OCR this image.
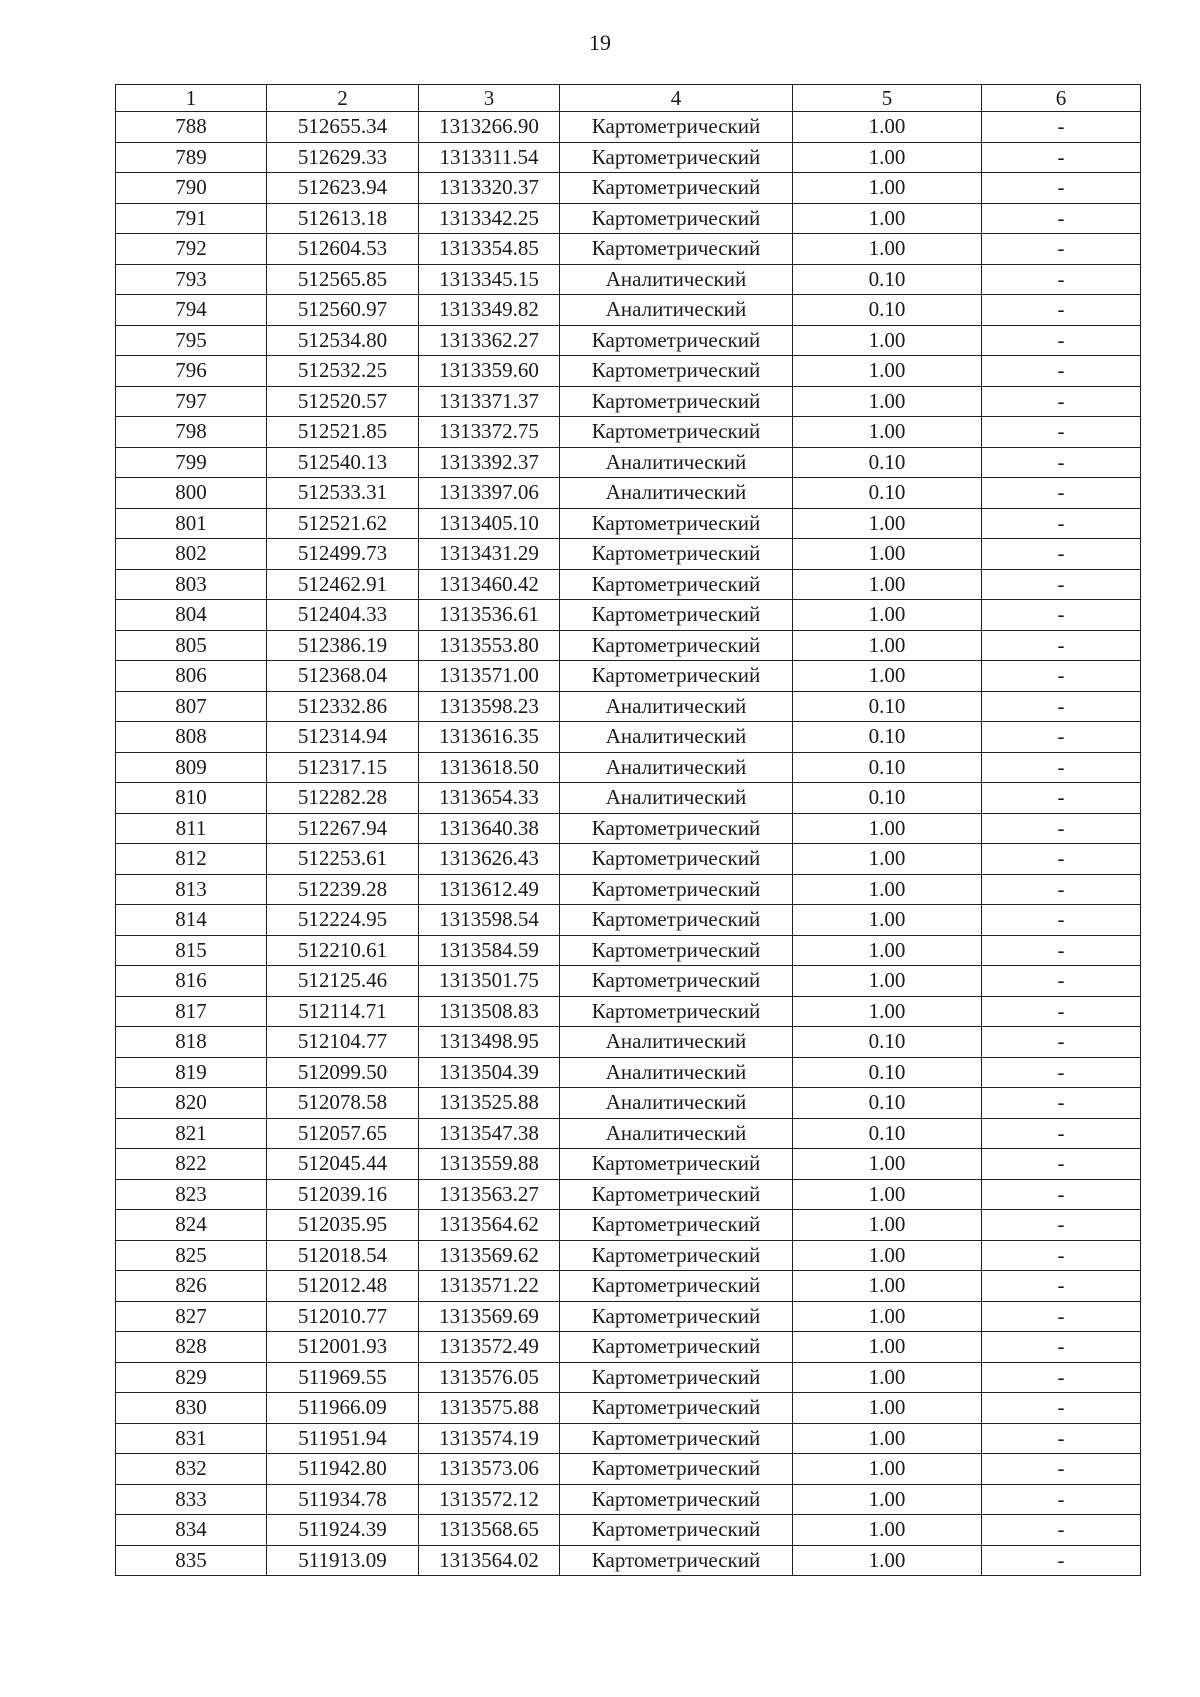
19
1	2	3	4	5	6
788	512655.34	1313266.90	Картометрический	1.00	-
789	512629.33	1313311.54	Картометрический	1.00	-
790	512623.94	1313320.37	Картометрический	1.00	-
791	512613.18	1313342.25	Картометрический	1.00	-
792	512604.53	1313354.85	Картометрический	1.00	-
793	512565.85	1313345.15	Аналитический	0.10	-
794	512560.97	1313349.82	Аналитический	0.10	-
795	512534.80	1313362.27	Картометрический	1.00	-
796	512532.25	1313359.60	Картометрический	1.00	-
797	512520.57	1313371.37	Картометрический	1.00	-
798	512521.85	1313372.75	Картометрический	1.00	-
799	512540.13	1313392.37	Аналитический	0.10	-
800	512533.31	1313397.06	Аналитический	0.10	-
801	512521.62	1313405.10	Картометрический	1.00	-
802	512499.73	1313431.29	Картометрический	1.00	-
803	512462.91	1313460.42	Картометрический	1.00	-
804	512404.33	1313536.61	Картометрический	1.00	-
805	512386.19	1313553.80	Картометрический	1.00	-
806	512368.04	1313571.00	Картометрический	1.00	-
807	512332.86	1313598.23	Аналитический	0.10	-
808	512314.94	1313616.35	Аналитический	0.10	-
809	512317.15	1313618.50	Аналитический	0.10	-
810	512282.28	1313654.33	Аналитический	0.10	-
811	512267.94	1313640.38	Картометрический	1.00	-
812	512253.61	1313626.43	Картометрический	1.00	-
813	512239.28	1313612.49	Картометрический	1.00	-
814	512224.95	1313598.54	Картометрический	1.00	-
815	512210.61	1313584.59	Картометрический	1.00	-
816	512125.46	1313501.75	Картометрический	1.00	-
817	512114.71	1313508.83	Картометрический	1.00	-
818	512104.77	1313498.95	Аналитический	0.10	-
819	512099.50	1313504.39	Аналитический	0.10	-
820	512078.58	1313525.88	Аналитический	0.10	-
821	512057.65	1313547.38	Аналитический	0.10	-
822	512045.44	1313559.88	Картометрический	1.00	-
823	512039.16	1313563.27	Картометрический	1.00	-
824	512035.95	1313564.62	Картометрический	1.00	-
825	512018.54	1313569.62	Картометрический	1.00	-
826	512012.48	1313571.22	Картометрический	1.00	-
827	512010.77	1313569.69	Картометрический	1.00	-
828	512001.93	1313572.49	Картометрический	1.00	-
829	511969.55	1313576.05	Картометрический	1.00	-
830	511966.09	1313575.88	Картометрический	1.00	-
831	511951.94	1313574.19	Картометрический	1.00	-
832	511942.80	1313573.06	Картометрический	1.00	-
833	511934.78	1313572.12	Картометрический	1.00	-
834	511924.39	1313568.65	Картометрический	1.00	-
835	511913.09	1313564.02	Картометрический	1.00	-
